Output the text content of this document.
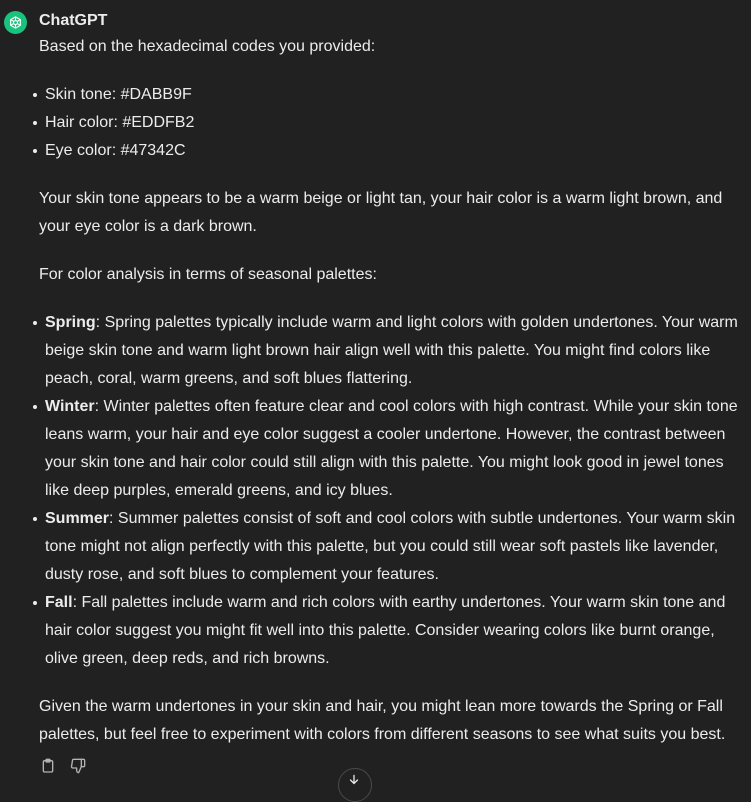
ChatGPT

Based on the hexadecimal codes you provided:

Skin tone: #DABB9F
Hair color: #EDDFB2
Eye color: #47342C

Your skin tone appears to be a warm beige or light tan, your hair color is a warm light brown, and your eye color is a dark brown.

For color analysis in terms of seasonal palettes:

Spring: Spring palettes typically include warm and light colors with golden undertones. Your warm beige skin tone and warm light brown hair align well with this palette. You might find colors like peach, coral, warm greens, and soft blues flattering.
Winter: Winter palettes often feature clear and cool colors with high contrast. While your skin tone leans warm, your hair and eye color suggest a cooler undertone. However, the contrast between your skin tone and hair color could still align with this palette. You might look good in jewel tones like deep purples, emerald greens, and icy blues.
Summer: Summer palettes consist of soft and cool colors with subtle undertones. Your warm skin tone might not align perfectly with this palette, but you could still wear soft pastels like lavender, dusty rose, and soft blues to complement your features.
Fall: Fall palettes include warm and rich colors with earthy undertones. Your warm skin tone and hair color suggest you might fit well into this palette. Consider wearing colors like burnt orange, olive green, deep reds, and rich browns.

Given the warm undertones in your skin and hair, you might lean more towards the Spring or Fall palettes, but feel free to experiment with colors from different seasons to see what suits you best.
